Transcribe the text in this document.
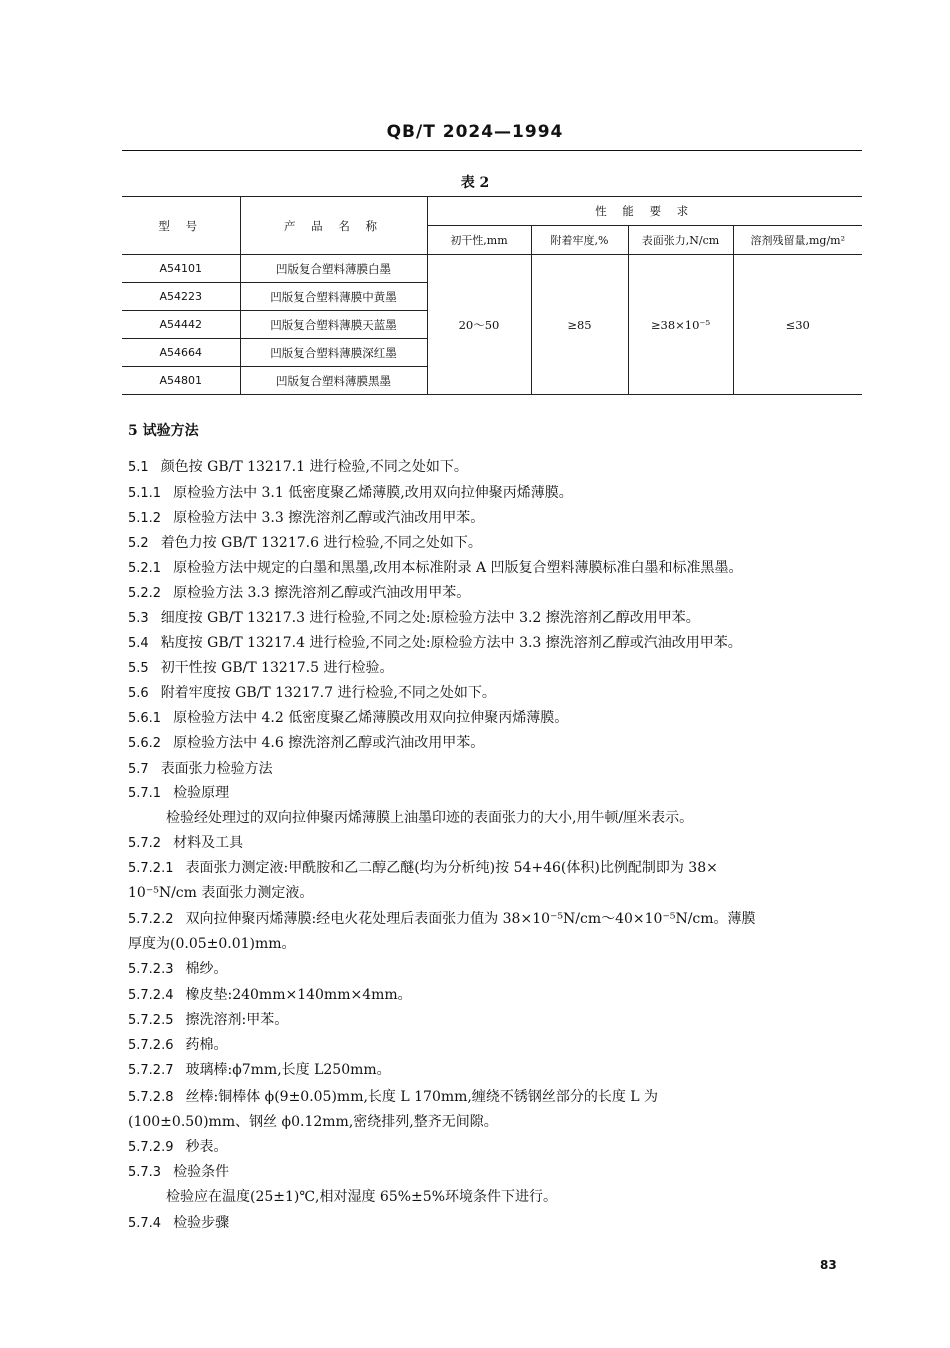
QB/T 2024—1994
表 2
型 号	产 品 名 称	性 能 要 求			
		初干性,mm	附着牢度,%	表面张力,N/cm	溶剂残留量,mg/m²
A54101	凹版复合塑料薄膜白墨	20～50	≥85	≥38×10⁻⁵	≤30
A54223	凹版复合塑料薄膜中黄墨				
A54442	凹版复合塑料薄膜天蓝墨				
A54664	凹版复合塑料薄膜深红墨				
A54801	凹版复合塑料薄膜黑墨				
5 试验方法
5.1 颜色按 GB/T 13217.1 进行检验,不同之处如下。
5.1.1 原检验方法中 3.1 低密度聚乙烯薄膜,改用双向拉伸聚丙烯薄膜。
5.1.2 原检验方法中 3.3 擦洗溶剂乙醇或汽油改用甲苯。
5.2 着色力按 GB/T 13217.6 进行检验,不同之处如下。
5.2.1 原检验方法中规定的白墨和黑墨,改用本标准附录 A 凹版复合塑料薄膜标准白墨和标准黑墨。
5.2.2 原检验方法 3.3 擦洗溶剂乙醇或汽油改用甲苯。
5.3 细度按 GB/T 13217.3 进行检验,不同之处:原检验方法中 3.2 擦洗溶剂乙醇改用甲苯。
5.4 粘度按 GB/T 13217.4 进行检验,不同之处:原检验方法中 3.3 擦洗溶剂乙醇或汽油改用甲苯。
5.5 初干性按 GB/T 13217.5 进行检验。
5.6 附着牢度按 GB/T 13217.7 进行检验,不同之处如下。
5.6.1 原检验方法中 4.2 低密度聚乙烯薄膜改用双向拉伸聚丙烯薄膜。
5.6.2 原检验方法中 4.6 擦洗溶剂乙醇或汽油改用甲苯。
5.7 表面张力检验方法
5.7.1 检验原理
检验经处理过的双向拉伸聚丙烯薄膜上油墨印迹的表面张力的大小,用牛顿/厘米表示。
5.7.2 材料及工具
5.7.2.1 表面张力测定液:甲酰胺和乙二醇乙醚(均为分析纯)按 54+46(体积)比例配制即为 38×
10⁻⁵N/cm 表面张力测定液。
5.7.2.2 双向拉伸聚丙烯薄膜:经电火花处理后表面张力值为 38×10⁻⁵N/cm～40×10⁻⁵N/cm。薄膜
厚度为(0.05±0.01)mm。
5.7.2.3 棉纱。
5.7.2.4 橡皮垫:240mm×140mm×4mm。
5.7.2.5 擦洗溶剂:甲苯。
5.7.2.6 药棉。
5.7.2.7 玻璃棒:ϕ7mm,长度 L250mm。
5.7.2.8 丝棒:铜棒体 ϕ(9±0.05)mm,长度 L 170mm,缠绕不锈钢丝部分的长度 L 为
(100±0.50)mm、钢丝 ϕ0.12mm,密绕排列,整齐无间隙。
5.7.2.9 秒表。
5.7.3 检验条件
检验应在温度(25±1)℃,相对湿度 65%±5%环境条件下进行。
5.7.4 检验步骤
83
